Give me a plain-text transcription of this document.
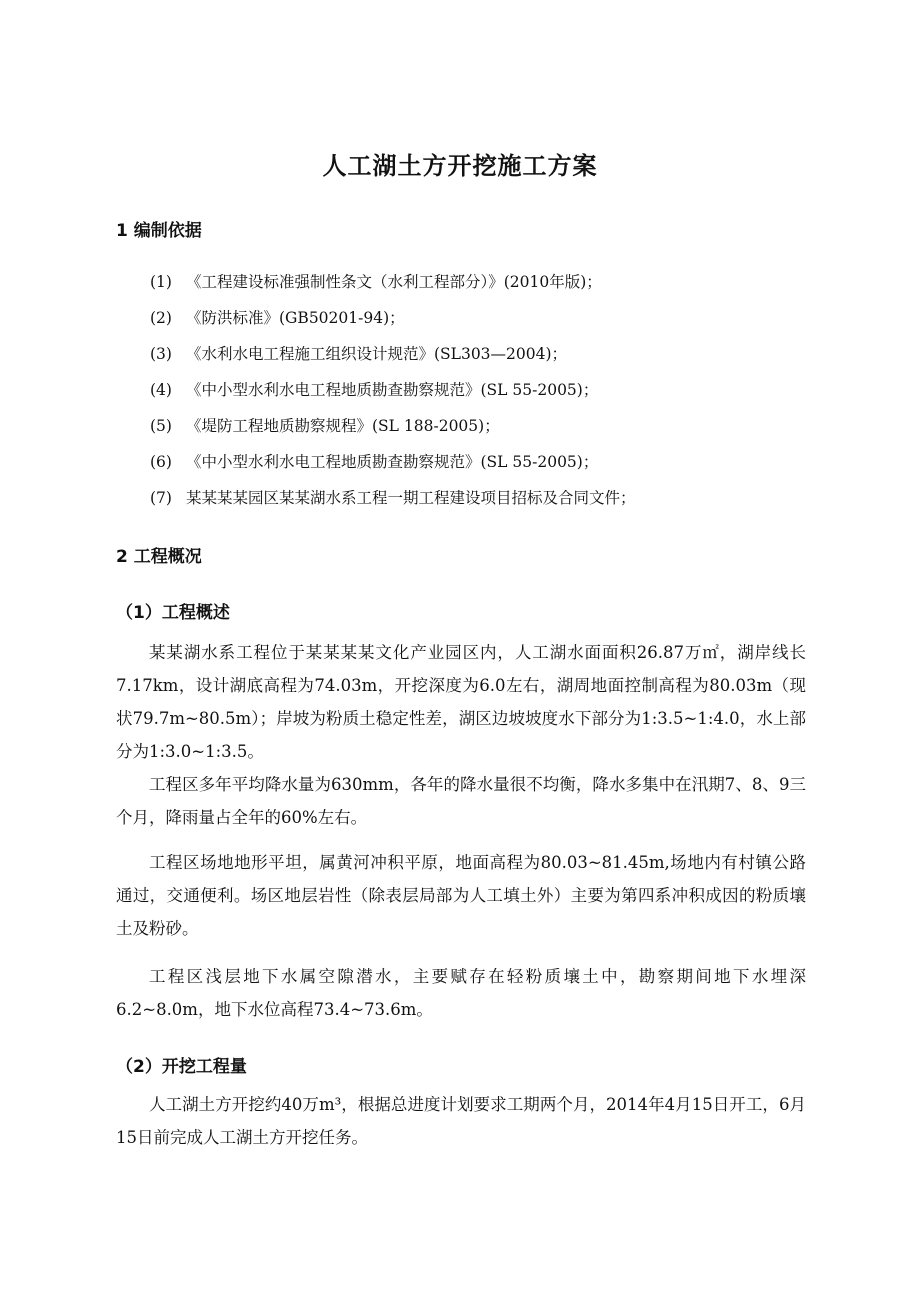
人工湖土方开挖施工方案
1 编制依据
(1) 《工程建设标准强制性条文（水利工程部分）》(2010年版)；
(2) 《防洪标准》(GB50201-94)；
(3) 《水利水电工程施工组织设计规范》(SL303—2004)；
(4) 《中小型水利水电工程地质勘查勘察规范》(SL 55-2005)；
(5) 《堤防工程地质勘察规程》(SL 188-2005)；
(6) 《中小型水利水电工程地质勘查勘察规范》(SL 55-2005)；
(7) 某某某某园区某某湖水系工程一期工程建设项目招标及合同文件；
2 工程概况
（1）工程概述
某某湖水系工程位于某某某某文化产业园区内，人工湖水面面积26.87万㎡，湖岸线长7.17km，设计湖底高程为74.03m，开挖深度为6.0左右，湖周地面控制高程为80.03m（现状79.7m~80.5m）；岸坡为粉质土稳定性差，湖区边坡坡度水下部分为1:3.5~1:4.0，水上部分为1:3.0~1:3.5。
工程区多年平均降水量为630mm，各年的降水量很不均衡，降水多集中在汛期7、8、9三个月，降雨量占全年的60%左右。
工程区场地地形平坦，属黄河冲积平原，地面高程为80.03~81.45m,场地内有村镇公路通过，交通便利。场区地层岩性（除表层局部为人工填土外）主要为第四系冲积成因的粉质壤土及粉砂。
工程区浅层地下水属空隙潜水，主要赋存在轻粉质壤土中，勘察期间地下水埋深6.2~8.0m，地下水位高程73.4~73.6m。
（2）开挖工程量
人工湖土方开挖约40万m³，根据总进度计划要求工期两个月，2014年4月15日开工，6月15日前完成人工湖土方开挖任务。
